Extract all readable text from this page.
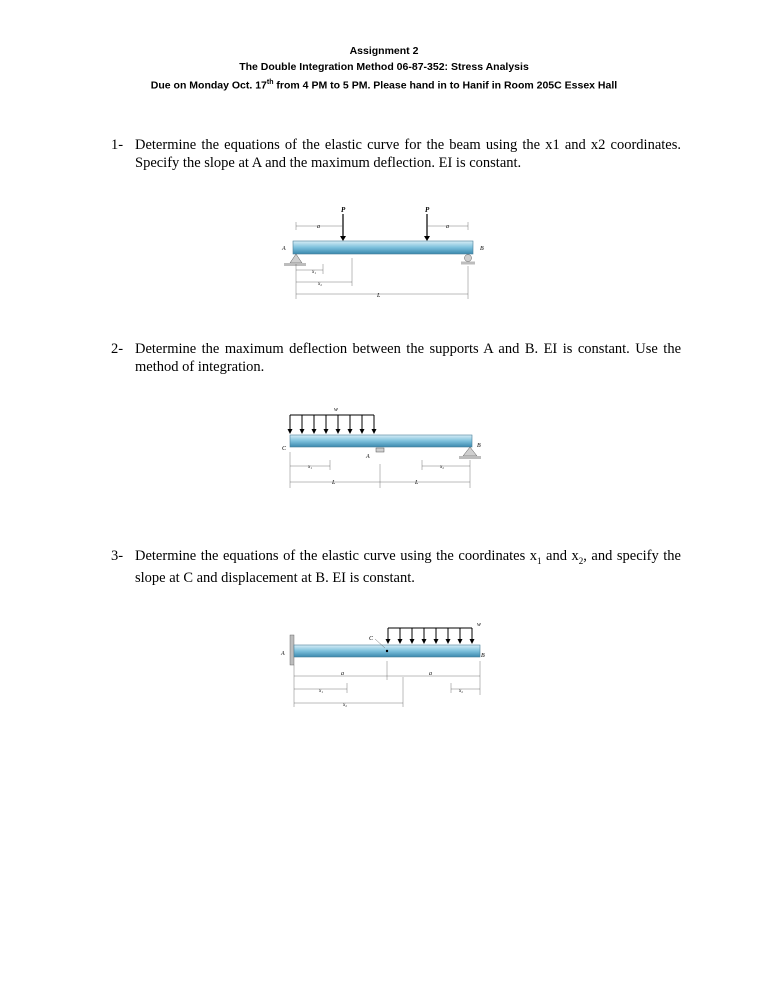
Assignment 2
The Double Integration Method 06-87-352: Stress Analysis
Due on Monday Oct. 17th from 4 PM to 5 PM. Please hand in to Hanif in Room 205C Essex Hall
1- Determine the equations of the elastic curve for the beam using the x1 and x2 coordinates. Specify the slope at A and the maximum deflection. EI is constant.
P	P
a	a
A	B
x₁
x₂
L
2- Determine the maximum deflection between the supports A and B. EI is constant. Use the method of integration.
w
C
A
B
x₁	x₂
L	L
3- Determine the equations of the elastic curve using the coordinates $x_1$ and $x_2$, and specify the slope at C and displacement at B. EI is constant.
A
C
B
w
a	a
x₁
x₂
x₂
